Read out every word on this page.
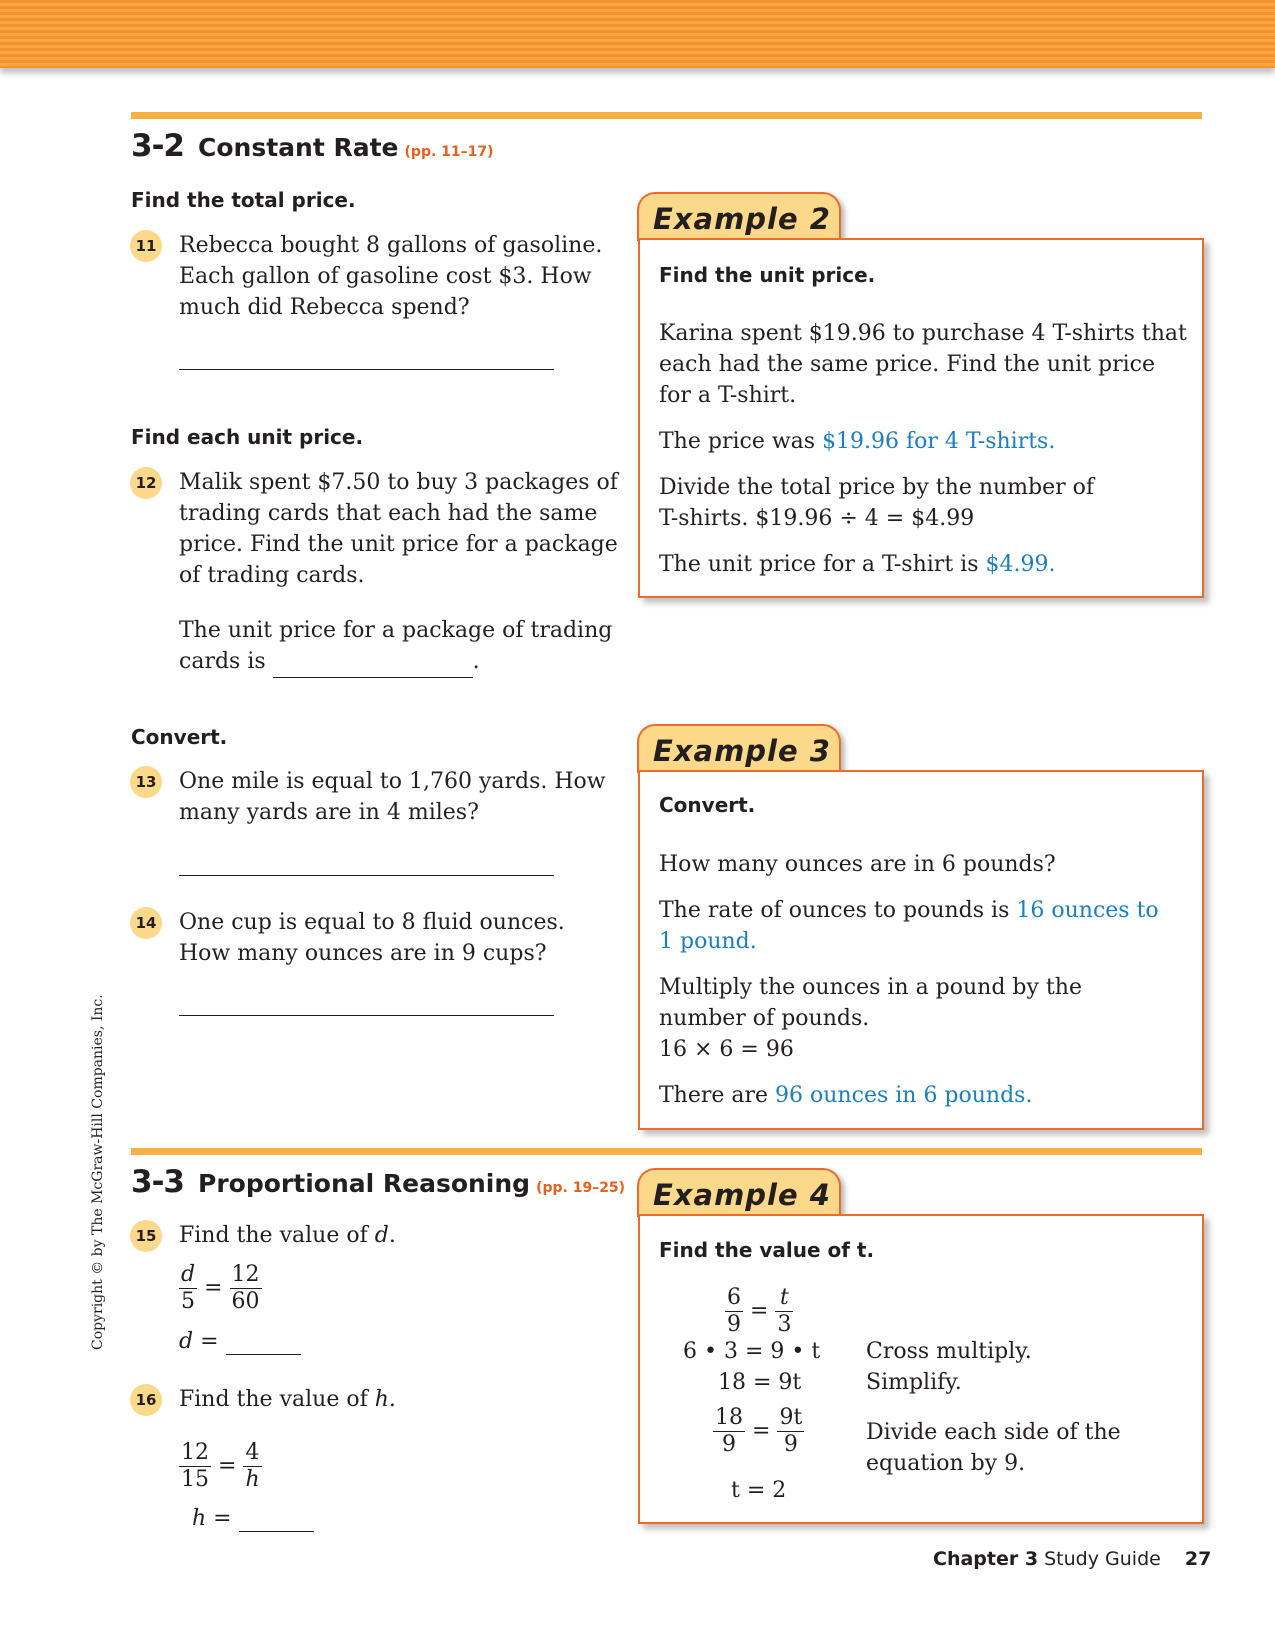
3-2 Constant Rate (pp. 11–17)
Find the total price.
11 Rebecca bought 8 gallons of gasoline.
Each gallon of gasoline cost $3. How
much did Rebecca spend?
Find each unit price.
12 Malik spent $7.50 to buy 3 packages of
trading cards that each had the same
price. Find the unit price for a package
of trading cards.
The unit price for a package of trading
cards is	.
Convert.
13 One mile is equal to 1,760 yards. How
many yards are in 4 miles?
14 One cup is equal to 8 fluid ounces.
How many ounces are in 9 cups?
3-3 Proportional Reasoning (pp. 19–25)
15 Find the value of d.
$\frac{d}{5} = \frac{12}{60}$
d =
16 Find the value of h.
$\frac{12}{15} = \frac{4}{h}$
h =
Example 2
Find the unit price.
Karina spent $19.96 to purchase 4 T-shirts that
each had the same price. Find the unit price
for a T-shirt.
The price was $19.96 for 4 T-shirts.
Divide the total price by the number of
T-shirts. $19.96 ÷ 4 = $4.99
The unit price for a T-shirt is $4.99.
Example 3
Convert.
How many ounces are in 6 pounds?
The rate of ounces to pounds is 16 ounces to
1 pound.
Multiply the ounces in a pound by the
number of pounds.
16 × 6 = 96
There are 96 ounces in 6 pounds.
Example 4
Find the value of t.
$\frac{6}{9} = \frac{t}{3}$
6 • 3 = 9 • t Cross multiply.
18 = 9t	Simplify.
$\frac{18}{9} = \frac{9t}{9}$	Divide each side of the
equation by 9.
t = 2
Copyright © by The McGraw-Hill Companies, Inc.
Chapter 3 Study Guide 27
